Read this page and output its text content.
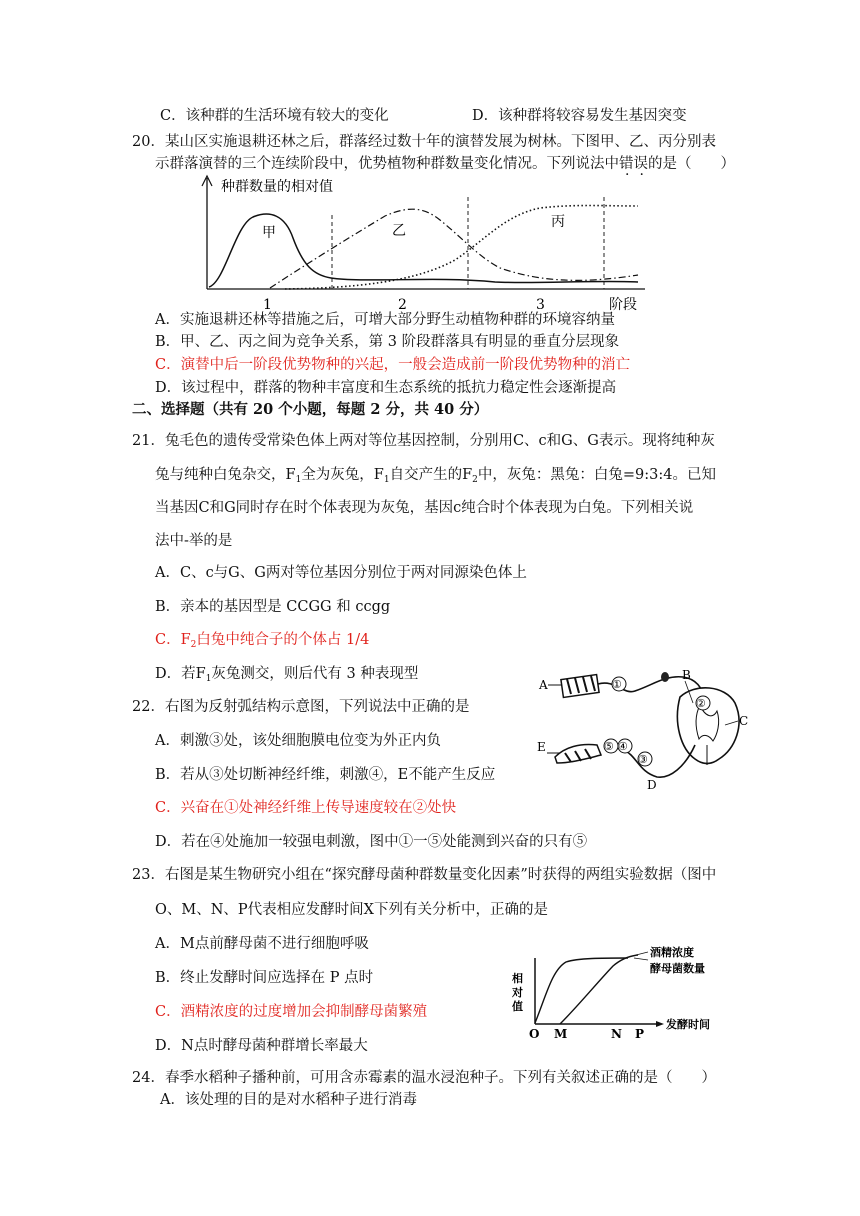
C．该种群的生活环境有较大的变化	D．该种群将较容易发生基因突变
20．某山区实施退耕还林之后，群落经过数十年的演替发展为树林。下图甲、乙、丙分别表
示群落演替的三个连续阶段中，优势植物种群数量变化情况。下列说法中错误的是（　　）
种群数量的相对值
甲	乙
丙
1	2	3	阶段
A．实施退耕还林等措施之后，可增大部分野生动植物种群的环境容纳量
B．甲、乙、丙之间为竞争关系，第 3 阶段群落具有明显的垂直分层现象
C．演替中后一阶段优势物种的兴起，一般会造成前一阶段优势物种的消亡
D．该过程中，群落的物种丰富度和生态系统的抵抗力稳定性会逐渐提高
二、选择题（共有 20 个小题，每题 2 分，共 40 分）
21．兔毛色的遗传受常染色体上两对等位基因控制，分别用C、c和G、G表示。现将纯种灰
兔与纯种白兔杂交，$F_1$全为灰兔，$F_1$自交产生的$F_2$中，灰兔：黑兔：白兔=9:3:4。已知
当基因C和G同时存在时个体表现为灰兔，基因c纯合时个体表现为白兔。下列相关说
法中-举的是
A．C、c与G、G两对等位基因分别位于两对同源染色体上
B．亲本的基因型是 CCGG 和 ccgg
C．$F_2$白兔中纯合子的个体占 1/4
D．若$F_1$灰兔测交，则后代有 3 种表现型
22．右图为反射弧结构示意图，下列说法中正确的是
A．刺激③处，该处细胞膜电位变为外正内负
B．若从③处切断神经纤维，刺激④，E不能产生反应
C．兴奋在①处神经纤维上传导速度较在②处快
D．若在④处施加一较强电刺激，图中①一⑤处能测到兴奋的只有⑤
A	①
B
②
C
D
③
④
⑤
E
23．右图是某生物研究小组在“探究酵母菌种群数量变化因素”时获得的两组实验数据（图中
O、M、N、P代表相应发酵时间X下列有关分析中，正确的是
A．M点前酵母菌不进行细胞呼吸
B．终止发酵时间应选择在 P 点时
C．酒精浓度的过度增加会抑制酵母菌繁殖
D．N点时酵母菌种群增长率最大
相
对
值
酒精浓度
酵母菌数量
O M	N P
发酵时间
24．春季水稻种子播种前，可用含赤霉素的温水浸泡种子。下列有关叙述正确的是（　　）
A．该处理的目的是对水稻种子进行消毒
